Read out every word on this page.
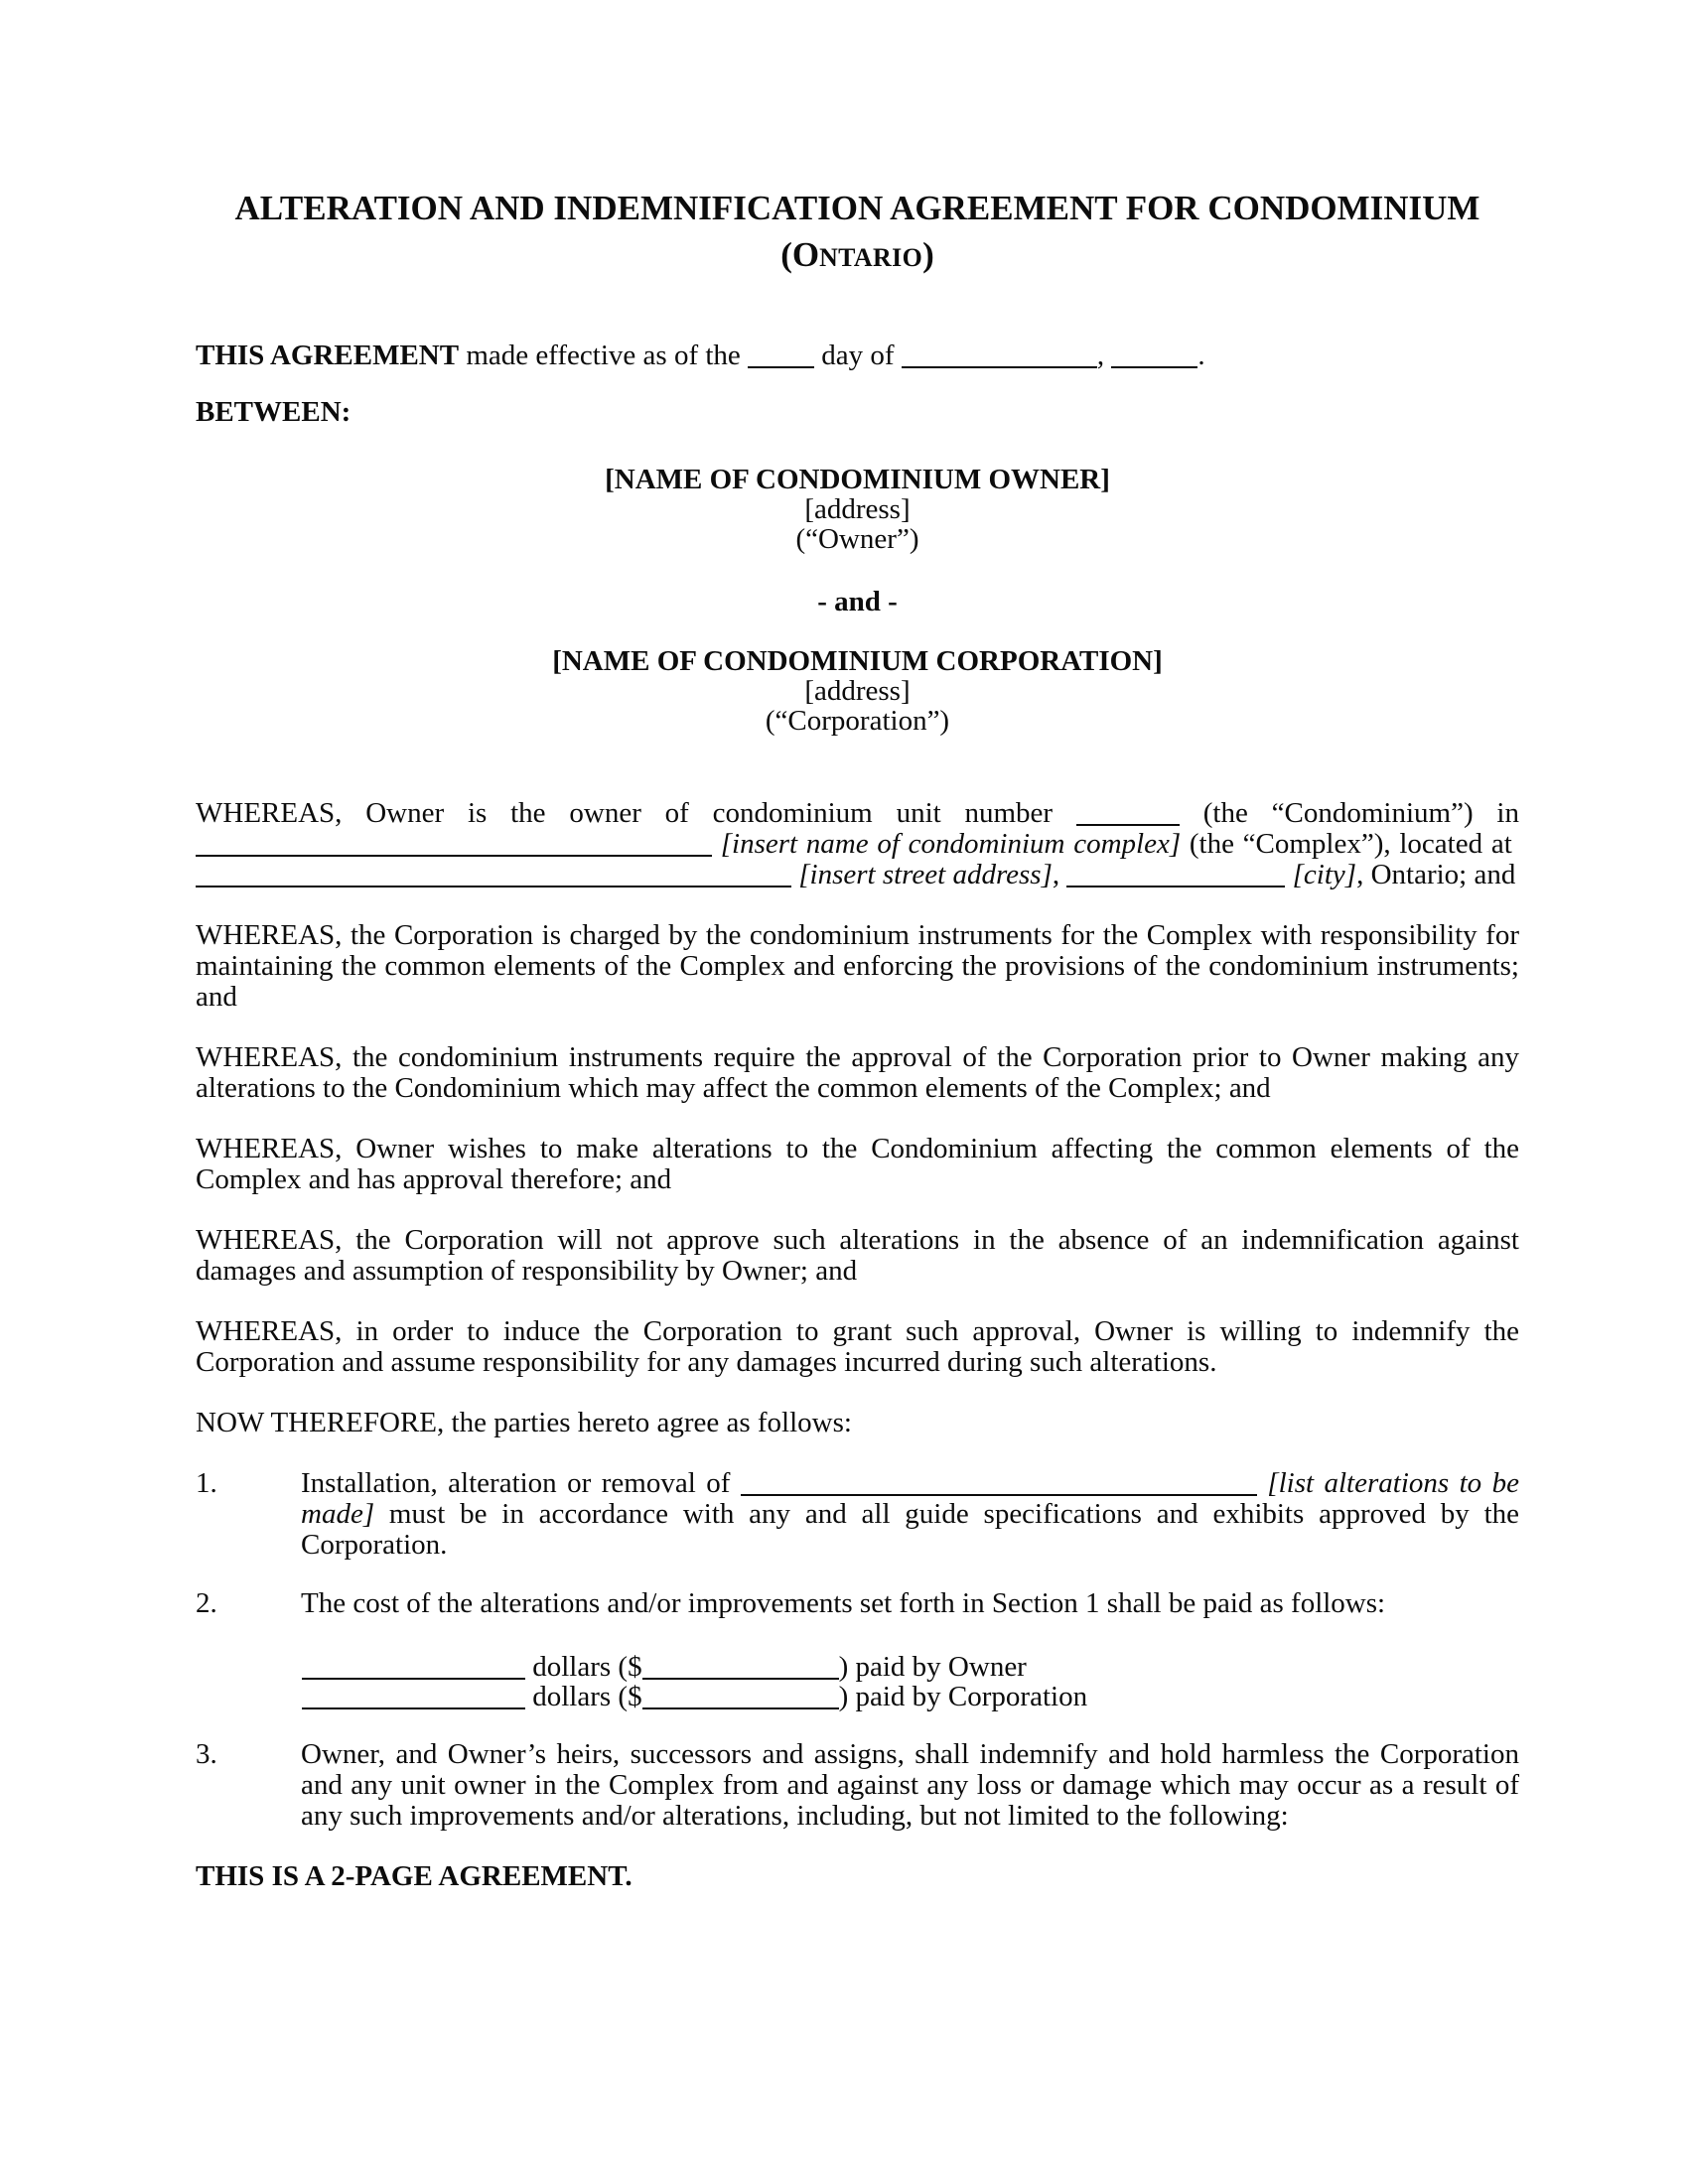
ALTERATION AND INDEMNIFICATION AGREEMENT FOR CONDOMINIUM (ONTARIO)
THIS AGREEMENT made effective as of the  day of	,	.
BETWEEN:
[NAME OF CONDOMINIUM OWNER]
[address]
(“Owner”)
- and -
[NAME OF CONDOMINIUM CORPORATION]
[address]
(“Corporation”)
WHEREAS, Owner is the owner of condominium unit number	(the “Condominium”) in  [insert name of condominium complex] (the “Complex”), located at  [insert street address],	[city], Ontario; and
WHEREAS, the Corporation is charged by the condominium instruments for the Complex with responsibility for maintaining the common elements of the Complex and enforcing the provisions of the condominium instruments; and
WHEREAS, the condominium instruments require the approval of the Corporation prior to Owner making any alterations to the Condominium which may affect the common elements of the Complex; and
WHEREAS, Owner wishes to make alterations to the Condominium affecting the common elements of the Complex and has approval therefore; and
WHEREAS, the Corporation will not approve such alterations in the absence of an indemnification against damages and assumption of responsibility by Owner; and
WHEREAS, in order to induce the Corporation to grant such approval, Owner is willing to indemnify the Corporation and assume responsibility for any damages incurred during such alterations.
NOW THEREFORE, the parties hereto agree as follows:
1.	Installation, alteration or removal of	[list alterations to be made] must be in accordance with any and all guide specifications and exhibits approved by the Corporation.
2.	The cost of the alterations and/or improvements set forth in Section 1 shall be paid as follows:
dollars ($	) paid by Owner
dollars ($	) paid by Corporation
3.	Owner, and Owner’s heirs, successors and assigns, shall indemnify and hold harmless the Corporation and any unit owner in the Complex from and against any loss or damage which may occur as a result of any such improvements and/or alterations, including, but not limited to the following:
THIS IS A 2-PAGE AGREEMENT.
